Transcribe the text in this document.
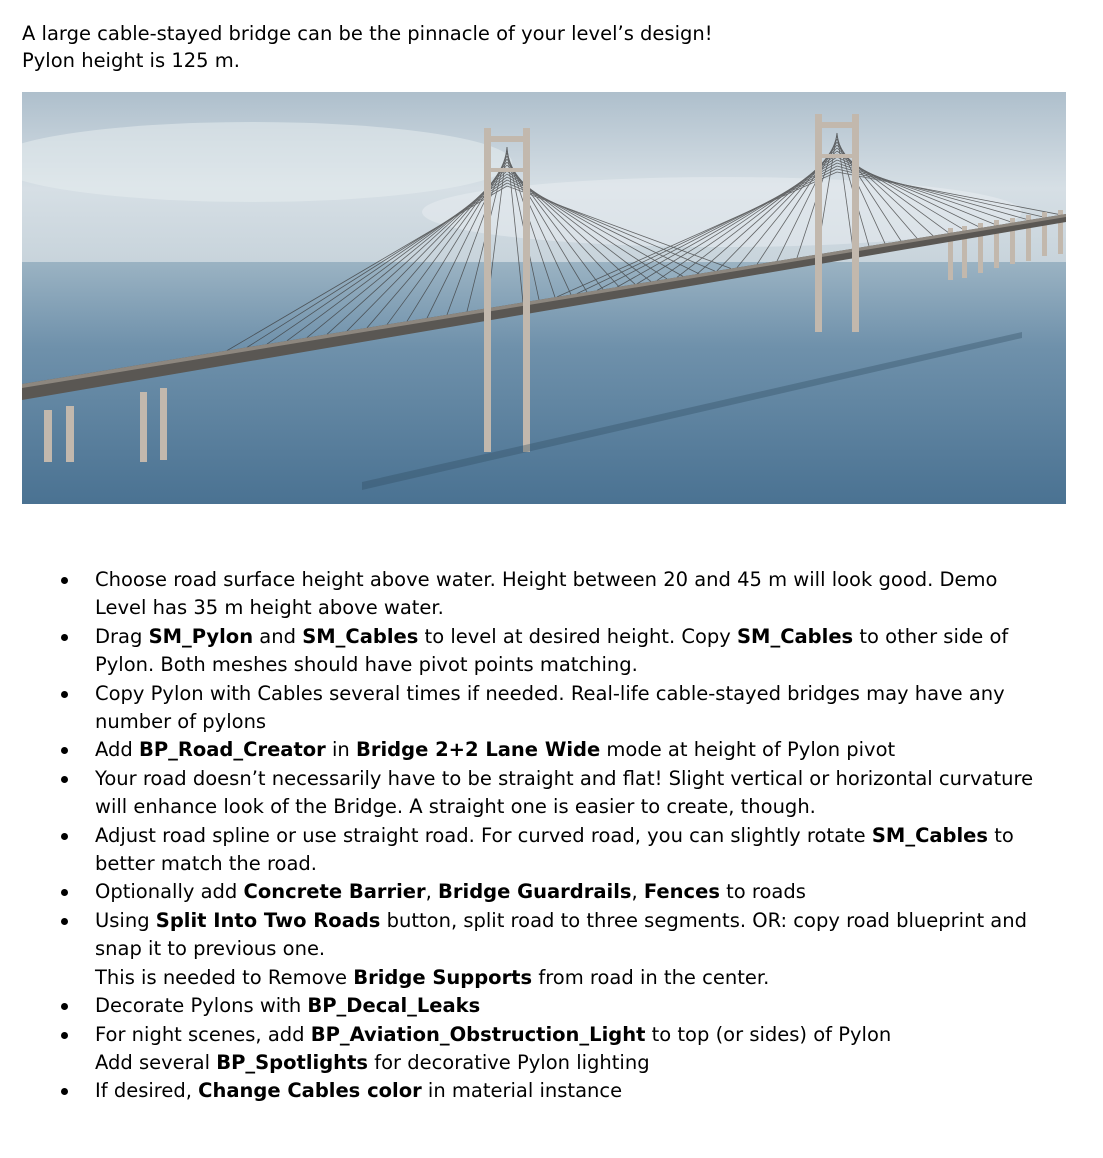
A large cable-stayed bridge can be the pinnacle of your level’s design!

Pylon height is 125 m.

Choose road surface height above water. Height between 20 and 45 m will look good. Demo
Level has 35 m height above water.
Drag SM_Pylon and SM_Cables to level at desired height. Copy SM_Cables to other side of
Pylon. Both meshes should have pivot points matching.
Copy Pylon with Cables several times if needed. Real-life cable-stayed bridges may have any
number of pylons
Add BP_Road_Creator in Bridge 2+2 Lane Wide mode at height of Pylon pivot
Your road doesn’t necessarily have to be straight and flat! Slight vertical or horizontal curvature
will enhance look of the Bridge. A straight one is easier to create, though.
Adjust road spline or use straight road. For curved road, you can slightly rotate SM_Cables to
better match the road.
Optionally add Concrete Barrier, Bridge Guardrails, Fences to roads
Using Split Into Two Roads button, split road to three segments. OR: copy road blueprint and
snap it to previous one.
This is needed to Remove Bridge Supports from road in the center.
Decorate Pylons with BP_Decal_Leaks
For night scenes, add BP_Aviation_Obstruction_Light to top (or sides) of Pylon
Add several BP_Spotlights for decorative Pylon lighting
If desired, Change Cables color in material instance
